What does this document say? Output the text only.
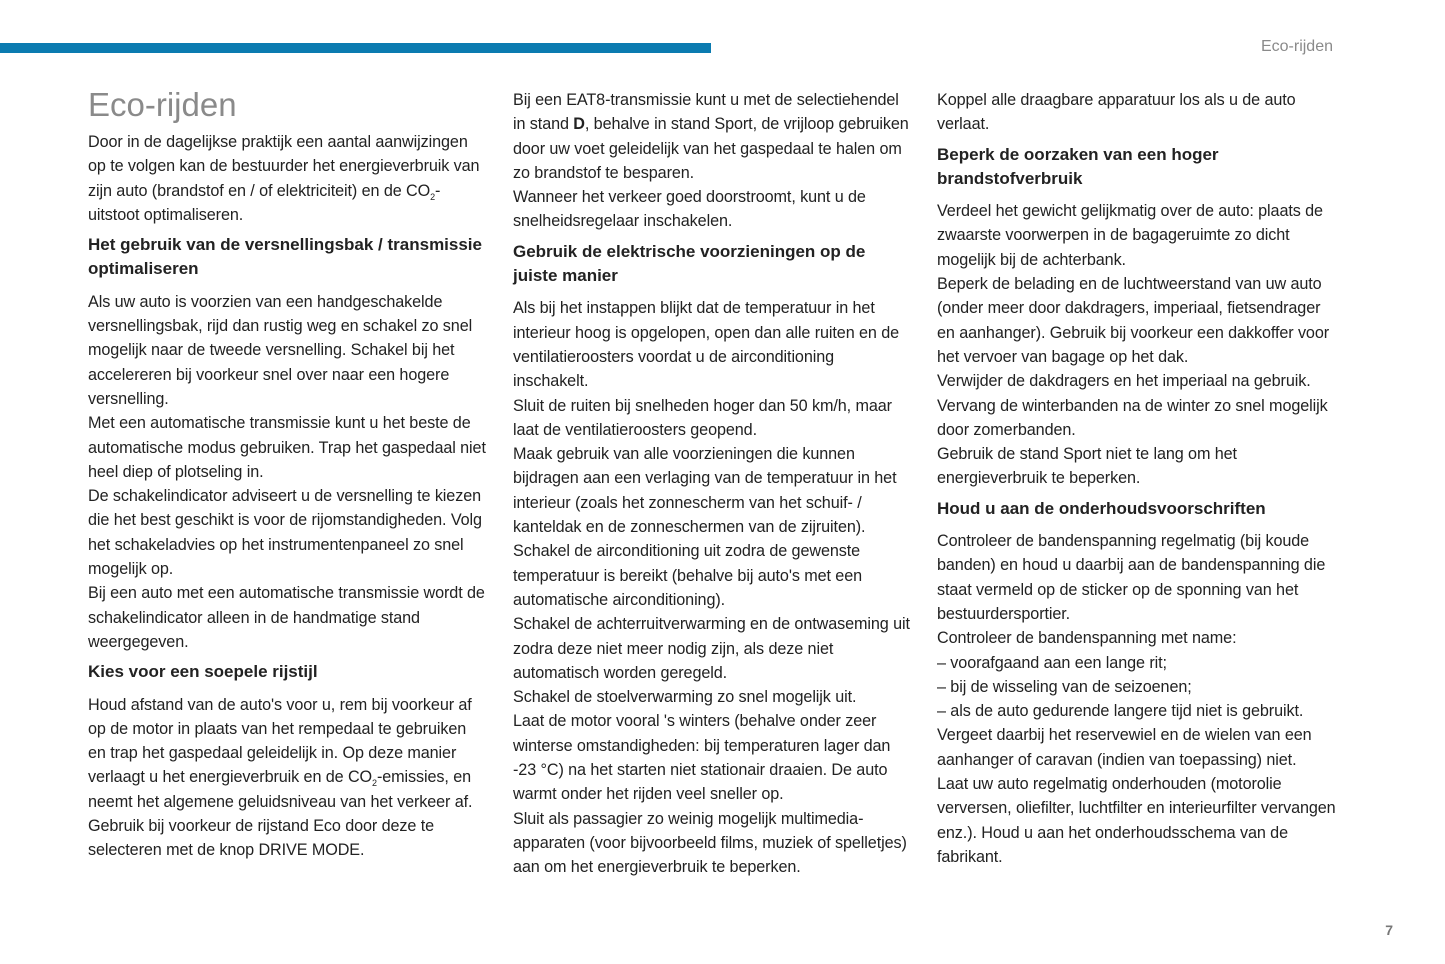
Eco-rijden
Eco-rijden

Door in de dagelijkse praktijk een aantal aanwijzingen op te volgen kan de bestuurder het energieverbruik van zijn auto (brandstof en / of elektriciteit) en de $CO_2$-uitstoot optimaliseren.

Het gebruik van de versnellingsbak / transmissie optimaliseren

Als uw auto is voorzien van een handgeschakelde versnellingsbak, rijd dan rustig weg en schakel zo snel mogelijk naar de tweede versnelling. Schakel bij het accelereren bij voorkeur snel over naar een hogere versnelling.

Met een automatische transmissie kunt u het beste de automatische modus gebruiken. Trap het gaspedaal niet heel diep of plotseling in.

De schakelindicator adviseert u de versnelling te kiezen die het best geschikt is voor de rijomstandigheden. Volg het schakeladvies op het instrumentenpaneel zo snel mogelijk op.

Bij een auto met een automatische transmissie wordt de schakelindicator alleen in de handmatige stand weergegeven.

Kies voor een soepele rijstijl

Houd afstand van de auto's voor u, rem bij voorkeur af op de motor in plaats van het rempedaal te gebruiken en trap het gaspedaal geleidelijk in. Op deze manier verlaagt u het energieverbruik en de $CO_2$-emissies, en neemt het algemene geluidsniveau van het verkeer af.

Gebruik bij voorkeur de rijstand Eco door deze te selecteren met de knop DRIVE MODE.

Bij een EAT8-transmissie kunt u met de selectiehendel in stand D, behalve in stand Sport, de vrijloop gebruiken door uw voet geleidelijk van het gaspedaal te halen om zo brandstof te besparen.

Wanneer het verkeer goed doorstroomt, kunt u de snelheidsregelaar inschakelen.

Gebruik de elektrische voorzieningen op de juiste manier

Als bij het instappen blijkt dat de temperatuur in het interieur hoog is opgelopen, open dan alle ruiten en de ventilatieroosters voordat u de airconditioning inschakelt.

Sluit de ruiten bij snelheden hoger dan 50 km/h, maar laat de ventilatieroosters geopend.

Maak gebruik van alle voorzieningen die kunnen bijdragen aan een verlaging van de temperatuur in het interieur (zoals het zonnescherm van het schuif- / kanteldak en de zonneschermen van de zijruiten).

Schakel de airconditioning uit zodra de gewenste temperatuur is bereikt (behalve bij auto's met een automatische airconditioning).

Schakel de achterruitverwarming en de ontwaseming uit zodra deze niet meer nodig zijn, als deze niet automatisch worden geregeld.

Schakel de stoelverwarming zo snel mogelijk uit.

Laat de motor vooral 's winters (behalve onder zeer winterse omstandigheden: bij temperaturen lager dan -23 °C) na het starten niet stationair draaien. De auto warmt onder het rijden veel sneller op.

Sluit als passagier zo weinig mogelijk multimedia-apparaten (voor bijvoorbeeld films, muziek of spelletjes) aan om het energieverbruik te beperken.

Koppel alle draagbare apparatuur los als u de auto verlaat.

Beperk de oorzaken van een hoger brandstofverbruik

Verdeel het gewicht gelijkmatig over de auto: plaats de zwaarste voorwerpen in de bagageruimte zo dicht mogelijk bij de achterbank.

Beperk de belading en de luchtweerstand van uw auto (onder meer door dakdragers, imperiaal, fietsendrager en aanhanger). Gebruik bij voorkeur een dakkoffer voor het vervoer van bagage op het dak.

Verwijder de dakdragers en het imperiaal na gebruik.

Vervang de winterbanden na de winter zo snel mogelijk door zomerbanden.

Gebruik de stand Sport niet te lang om het energieverbruik te beperken.

Houd u aan de onderhoudsvoorschriften

Controleer de bandenspanning regelmatig (bij koude banden) en houd u daarbij aan de bandenspanning die staat vermeld op de sticker op de sponning van het bestuurdersportier.

Controleer de bandenspanning met name:

– voorafgaand aan een lange rit;

– bij de wisseling van de seizoenen;

– als de auto gedurende langere tijd niet is gebruikt.

Vergeet daarbij het reservewiel en de wielen van een aanhanger of caravan (indien van toepassing) niet.

Laat uw auto regelmatig onderhouden (motorolie verversen, oliefilter, luchtfilter en interieurfilter vervangen enz.). Houd u aan het onderhoudsschema van de fabrikant.

7
